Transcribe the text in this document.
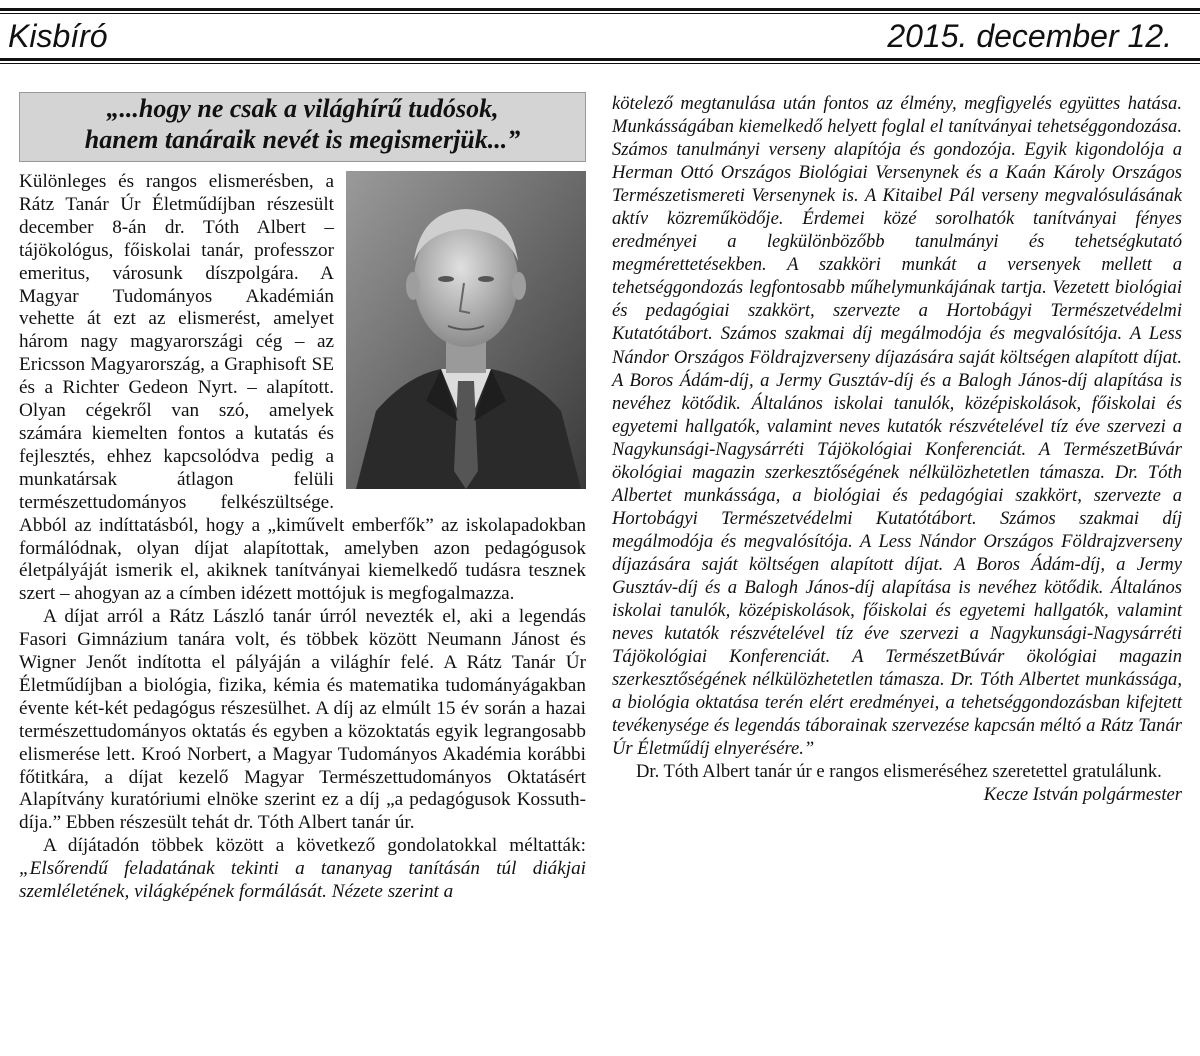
Kisbíró	2015. december 12.
„...hogy ne csak a világhírű tudósok,
hanem tanáraik nevét is megismerjük...”

Különleges és rangos elismerésben, a Rátz Tanár Úr Életműdíjban részesült december 8-án dr. Tóth Albert – tájökológus, főiskolai tanár, professzor emeritus, városunk díszpolgára. A Magyar Tudományos Akadémián vehette át ezt az elismerést, amelyet három nagy magyarországi cég – az Ericsson Magyarország, a Graphisoft SE és a Richter Gedeon Nyrt. – alapított. Olyan cégekről van szó, amelyek számára kiemelten fontos a kutatás és fejlesztés, ehhez kapcsolódva pedig a munkatársak átlagon felüli természettudományos felkészültsége. Abból az indíttatásból, hogy a „kiművelt emberfők” az iskolapadokban formálódnak, olyan díjat alapítottak, amelyben azon pedagógusok életpályáját ismerik el, akiknek tanítványai kiemelkedő tudásra tesznek szert – ahogyan az a címben idézett mottójuk is megfogalmazza.

A díjat arról a Rátz László tanár úrról nevezték el, aki a legendás Fasori Gimnázium tanára volt, és többek között Neumann Jánost és Wigner Jenőt indította el pályáján a világhír felé. A Rátz Tanár Úr Életműdíjban a biológia, fizika, kémia és matematika tudományágakban évente két-két pedagógus részesülhet. A díj az elmúlt 15 év során a hazai természettudományos oktatás és egyben a közoktatás egyik legrangosabb elismerése lett. Kroó Norbert, a Magyar Tudományos Akadémia korábbi főtitkára, a díjat kezelő Magyar Természettudományos Oktatásért Alapítvány kuratóriumi elnöke szerint ez a díj „a pedagógusok Kossuth-díja.” Ebben részesült tehát dr. Tóth Albert tanár úr.

A díjátadón többek között a következő gondolatokkal méltatták: „Elsőrendű feladatának tekinti a tananyag tanításán túl diákjai szemléletének, világképének formálását. Nézete szerint a

kötelező megtanulása után fontos az élmény, megfigyelés együttes hatása. Munkásságában kiemelkedő helyett foglal el tanítványai tehetséggondozása. Számos tanulmányi verseny alapítója és gondozója. Egyik kigondolója a Herman Ottó Országos Biológiai Versenynek és a Kaán Károly Országos Természetismereti Versenynek is. A Kitaibel Pál verseny megvalósulásának aktív közreműködője. Érdemei közé sorolhatók tanítványai fényes eredményei a legkülönbözőbb tanulmányi és tehetségkutató megmérettetésekben. A szakköri munkát a versenyek mellett a tehetséggondozás legfontosabb műhelymunkájának tartja. Vezetett biológiai és pedagógiai szakkört, szervezte a Hortobágyi Természetvédelmi Kutatótábort. Számos szakmai díj megálmodója és megvalósítója. A Less Nándor Országos Földrajzverseny díjazására saját költségen alapított díjat. A Boros Ádám-díj, a Jermy Gusztáv-díj és a Balogh János-díj alapítása is nevéhez kötődik. Általános iskolai tanulók, középiskolások, főiskolai és egyetemi hallgatók, valamint neves kutatók részvételével tíz éve szervezi a Nagykunsági-Nagysárréti Tájökológiai Konferenciát. A TermészetBúvár ökológiai magazin szerkesztőségének nélkülözhetetlen támasza. Dr. Tóth Albertet munkássága, a biológiai és pedagógiai szakkört, szervezte a Hortobágyi Természetvédelmi Kutatótábort. Számos szakmai díj megálmodója és megvalósítója. A Less Nándor Országos Földrajzverseny díjazására saját költségen alapított díjat. A Boros Ádám-díj, a Jermy Gusztáv-díj és a Balogh János-díj alapítása is nevéhez kötődik. Általános iskolai tanulók, középiskolások, főiskolai és egyetemi hallgatók, valamint neves kutatók részvételével tíz éve szervezi a Nagykunsági-Nagysárréti Tájökológiai Konferenciát. A TermészetBúvár ökológiai magazin szerkesztőségének nélkülözhetetlen támasza. Dr. Tóth Albertet munkássága, a biológia oktatása terén elért eredményei, a tehetséggondozásban kifejtett tevékenysége és legendás táborainak szervezése kapcsán méltó a Rátz Tanár Úr Életműdíj elnyerésére.”

Dr. Tóth Albert tanár úr e rangos elismeréséhez szeretettel gratulálunk.

Kecze István polgármester
